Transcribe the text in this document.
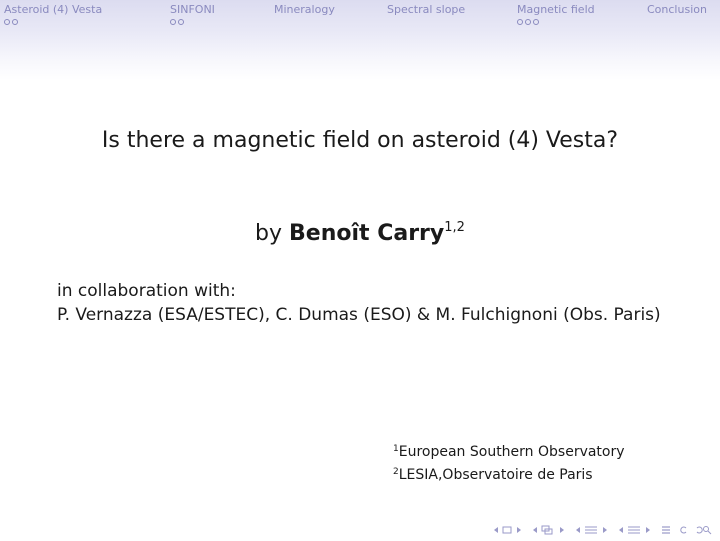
Asteroid (4) Vesta	SINFONI	Mineralogy	Spectral slope	Magnetic field	Conclusion
Is there a magnetic field on asteroid (4) Vesta?
by Benoît Carry$^{1,2}$

in collaboration with:

P. Vernazza (ESA/ESTEC), C. Dumas (ESO) & M. Fulchignoni (Obs. Paris)

$^1$European Southern Observatory

$^2$LESIA,Observatoire de Paris
